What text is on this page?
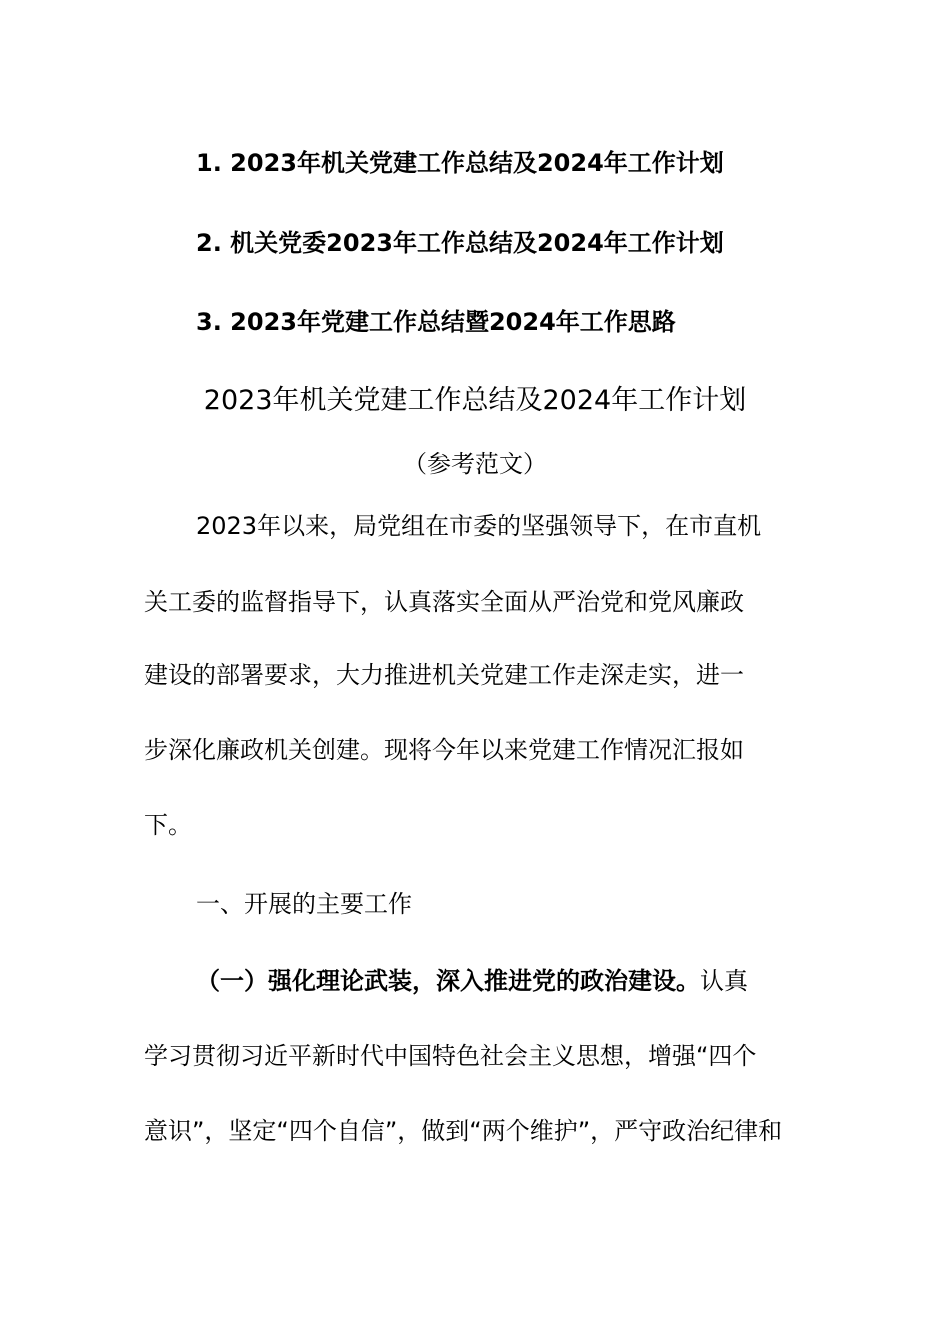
1. 2023年机关党建工作总结及2024年工作计划
2. 机关党委2023年工作总结及2024年工作计划
3. 2023年党建工作总结暨2024年工作思路
2023年机关党建工作总结及2024年工作计划
（参考范文）
2023年以来，局党组在市委的坚强领导下，在市直机
关工委的监督指导下，认真落实全面从严治党和党风廉政
建设的部署要求，大力推进机关党建工作走深走实，进一
步深化廉政机关创建。现将今年以来党建工作情况汇报如
下。
一、开展的主要工作
（一）强化理论武装，深入推进党的政治建设。认真
学习贯彻习近平新时代中国特色社会主义思想，增强“四个
意识”，坚定“四个自信”，做到“两个维护”，严守政治纪律和
